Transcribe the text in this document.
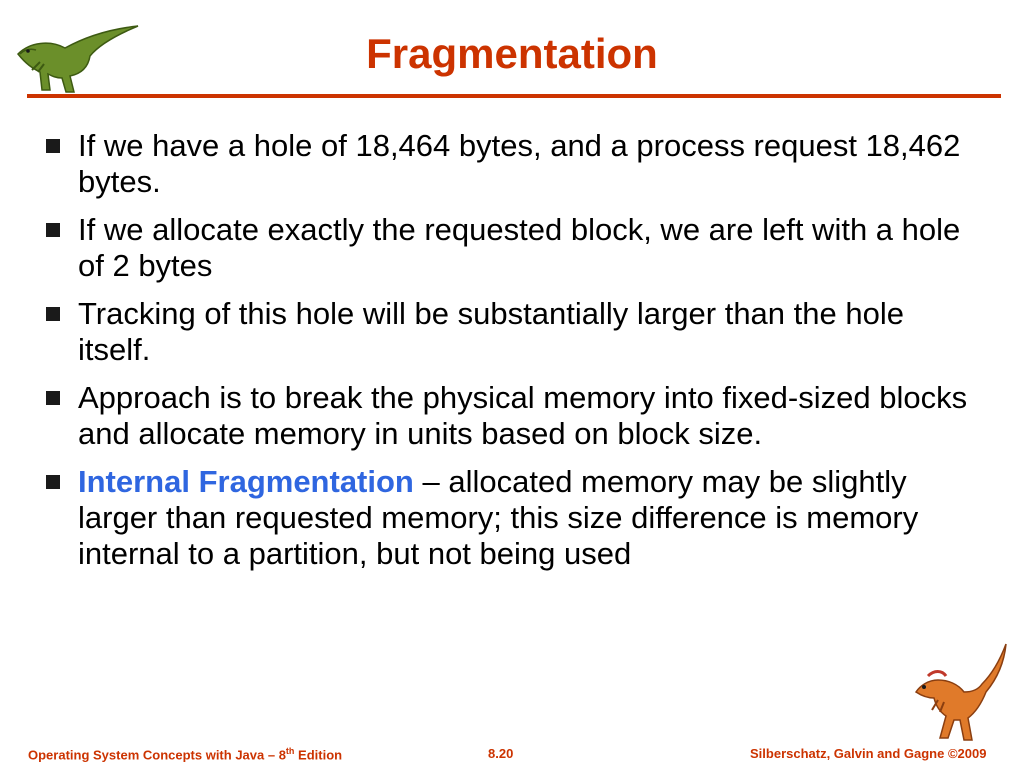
Fragmentation
If we have a hole of 18,464 bytes, and a process request 18,462 bytes.
If we allocate exactly the requested block, we are left with a hole of 2 bytes
Tracking of this hole will be substantially larger than the hole itself.
Approach is to break the physical memory into fixed-sized blocks and allocate memory in units based on block size.
Internal Fragmentation – allocated memory may be slightly larger than requested memory; this size difference is memory internal to a partition, but not being used
Operating System Concepts with Java – 8th Edition	8.20	Silberschatz, Galvin and Gagne ©2009
